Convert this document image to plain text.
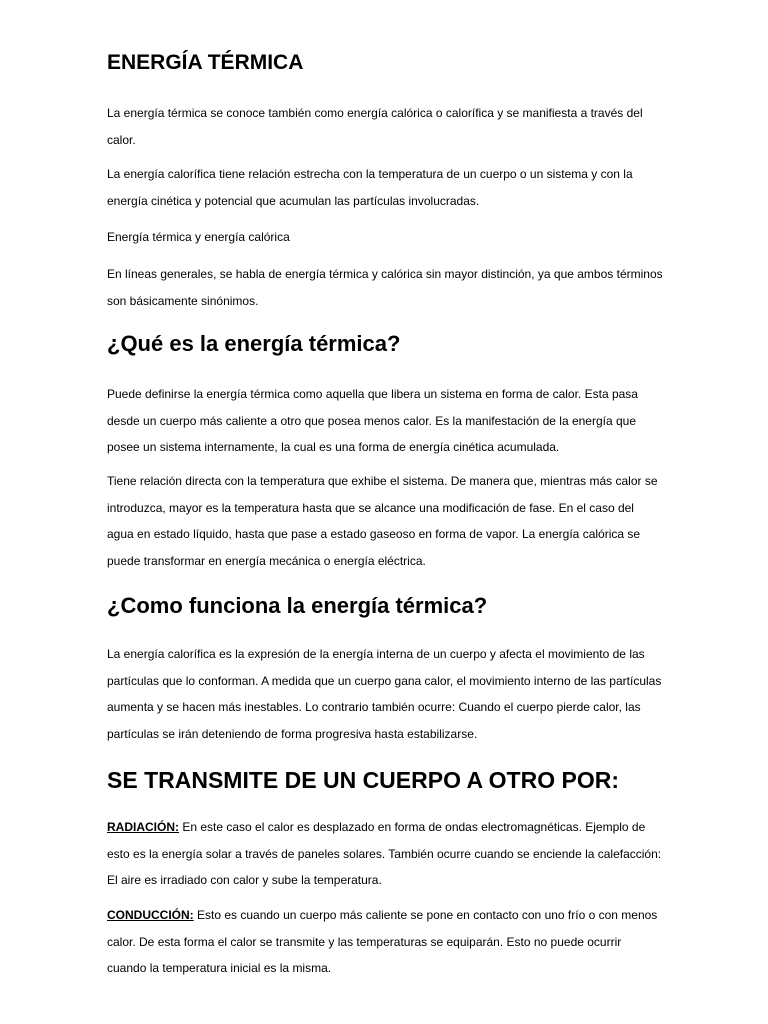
ENERGÍA TÉRMICA

La energía térmica se conoce también como energía calórica o calorífica y se manifiesta a través del calor.

La energía calorífica tiene relación estrecha con la temperatura de un cuerpo o un sistema y con la energía cinética y potencial que acumulan las partículas involucradas.

Energía térmica y energía calórica

En líneas generales, se habla de energía térmica y calórica sin mayor distinción, ya que ambos términos son básicamente sinónimos.

¿Qué es la energía térmica?

Puede definirse la energía térmica como aquella que libera un sistema en forma de calor. Esta pasa desde un cuerpo más caliente a otro que posea menos calor. Es la manifestación de la energía que posee un sistema internamente, la cual es una forma de energía cinética acumulada.

Tiene relación directa con la temperatura que exhibe el sistema. De manera que, mientras más calor se introduzca, mayor es la temperatura hasta que se alcance una modificación de fase. En el caso del agua en estado líquido, hasta que pase a estado gaseoso en forma de vapor. La energía calórica se puede transformar en energía mecánica o energía eléctrica.

¿Como funciona la energía térmica?

La energía calorífica es la expresión de la energía interna de un cuerpo y afecta el movimiento de las partículas que lo conforman. A medida que un cuerpo gana calor, el movimiento interno de las partículas aumenta y se hacen más inestables. Lo contrario también ocurre: Cuando el cuerpo pierde calor, las partículas se irán deteniendo de forma progresiva hasta estabilizarse.

SE TRANSMITE DE UN CUERPO A OTRO POR:

RADIACIÓN: En este caso el calor es desplazado en forma de ondas electromagnéticas. Ejemplo de esto es la energía solar a través de paneles solares. También ocurre cuando se enciende la calefacción: El aire es irradiado con calor y sube la temperatura.

CONDUCCIÓN: Esto es cuando un cuerpo más caliente se pone en contacto con uno frío o con menos calor. De esta forma el calor se transmite y las temperaturas se equiparán. Esto no puede ocurrir cuando la temperatura inicial es la misma.
